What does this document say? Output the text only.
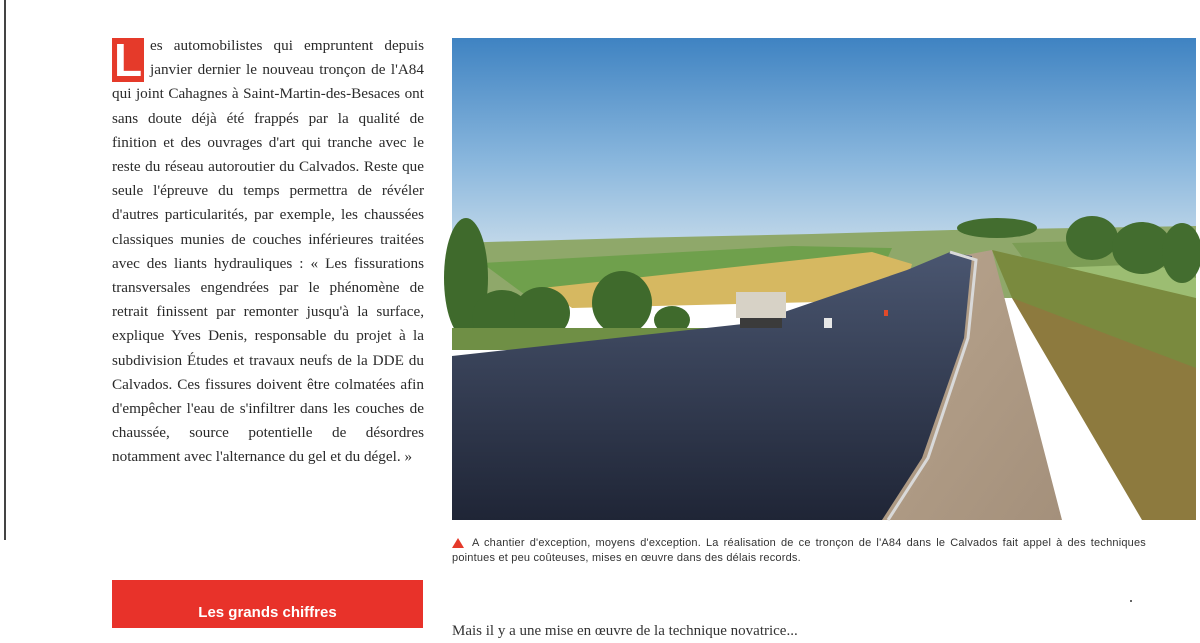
L es automobilistes qui empruntent depuis janvier dernier le nouveau tronçon de l'A84 qui joint Cahagnes à Saint-Martin-des-Besaces ont sans doute déjà été frappés par la qualité de finition et des ouvrages d'art qui tranche avec le reste du réseau autoroutier du Calvados. Reste que seule l'épreuve du temps permettra de révéler d'autres particularités, par exemple, les chaussées classiques munies de couches inférieures traitées avec des liants hydrauliques : « Les fissurations transversales engendrées par le phénomène de retrait finissent par remonter jusqu'à la surface, explique Yves Denis, responsable du projet à la subdivision Études et travaux neufs de la DDE du Calvados. Ces fissures doivent être colmatées afin d'empêcher l'eau de s'infiltrer dans les couches de chaussée, source potentielle de désordres notamment avec l'alternance du gel et du dégel. »

Les grands chiffres
A chantier d'exception, moyens d'exception. La réalisation de ce tronçon de l'A84 dans le Calvados fait appel à des techniques pointues et peu coûteuses, mises en œuvre dans des délais records.
Mais il y a une mise en œuvre de la technique novatrice...
